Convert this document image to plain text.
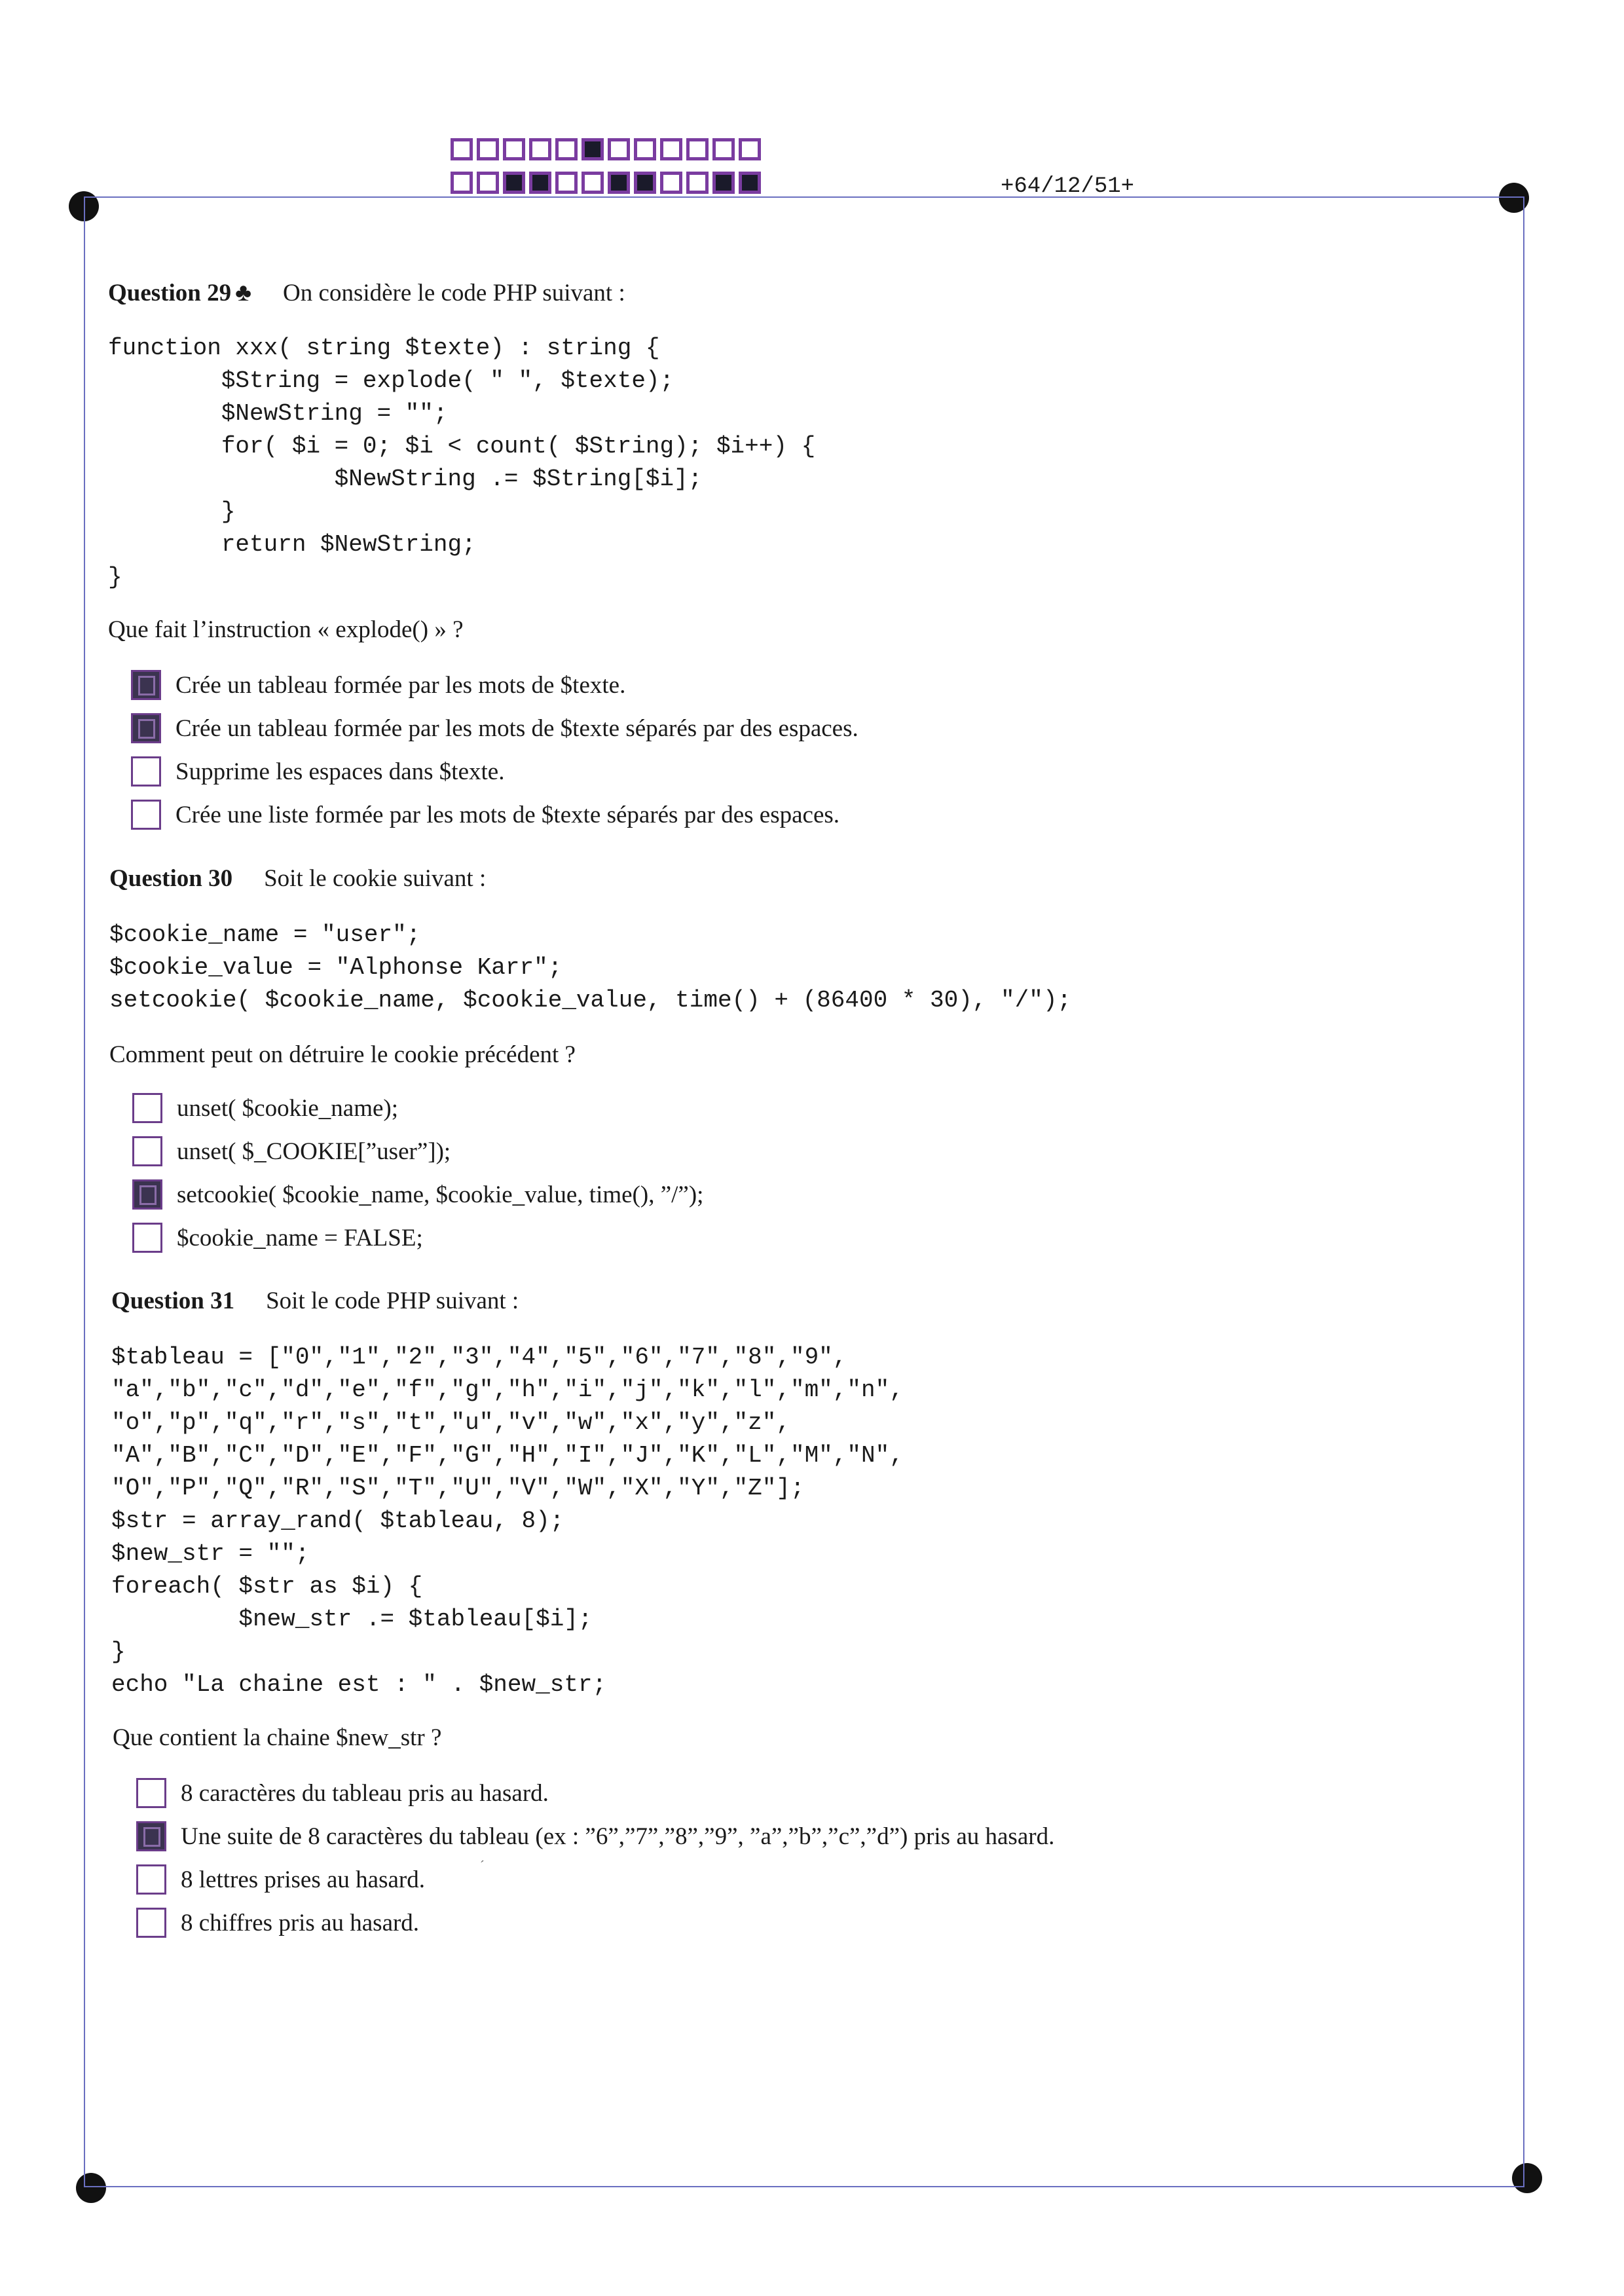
+64/12/51+
Question 29 ♣ On considère le code PHP suivant :
function xxx( string $texte) : string {
$String = explode( " ", $texte);
$NewString = "";
for( $i = 0; $i < count( $String); $i++) {
$NewString .= $String[$i];
}
return $NewString;
}
Que fait l’instruction « explode() » ?
Crée un tableau formée par les mots de $texte.
Crée un tableau formée par les mots de $texte séparés par des espaces.
Supprime les espaces dans $texte.
Crée une liste formée par les mots de $texte séparés par des espaces.
Question 30 Soit le cookie suivant :
$cookie_name = "user";
$cookie_value = "Alphonse Karr";
setcookie( $cookie_name, $cookie_value, time() + (86400 * 30), "/");
Comment peut on détruire le cookie précédent ?
unset( $cookie_name);
unset( $_COOKIE[”user”]);
setcookie( $cookie_name, $cookie_value, time(), ”/”);
$cookie_name = FALSE;
Question 31 Soit le code PHP suivant :
$tableau = ["0","1","2","3","4","5","6","7","8","9",
"a","b","c","d","e","f","g","h","i","j","k","l","m","n",
"o","p","q","r","s","t","u","v","w","x","y","z",
"A","B","C","D","E","F","G","H","I","J","K","L","M","N",
"O","P","Q","R","S","T","U","V","W","X","Y","Z"];
$str = array_rand( $tableau, 8);
$new_str = "";
foreach( $str as $i) {
$new_str .= $tableau[$i];
}
echo "La chaine est : " . $new_str;
Que contient la chaine $new_str ?
8 caractères du tableau pris au hasard.
Une suite de 8 caractères du tableau (ex : ”6”,”7”,”8”,”9”, ”a”,”b”,”c”,”d”) pris au hasard.
8 lettres prises au hasard.
8 chiffres pris au hasard.
´
